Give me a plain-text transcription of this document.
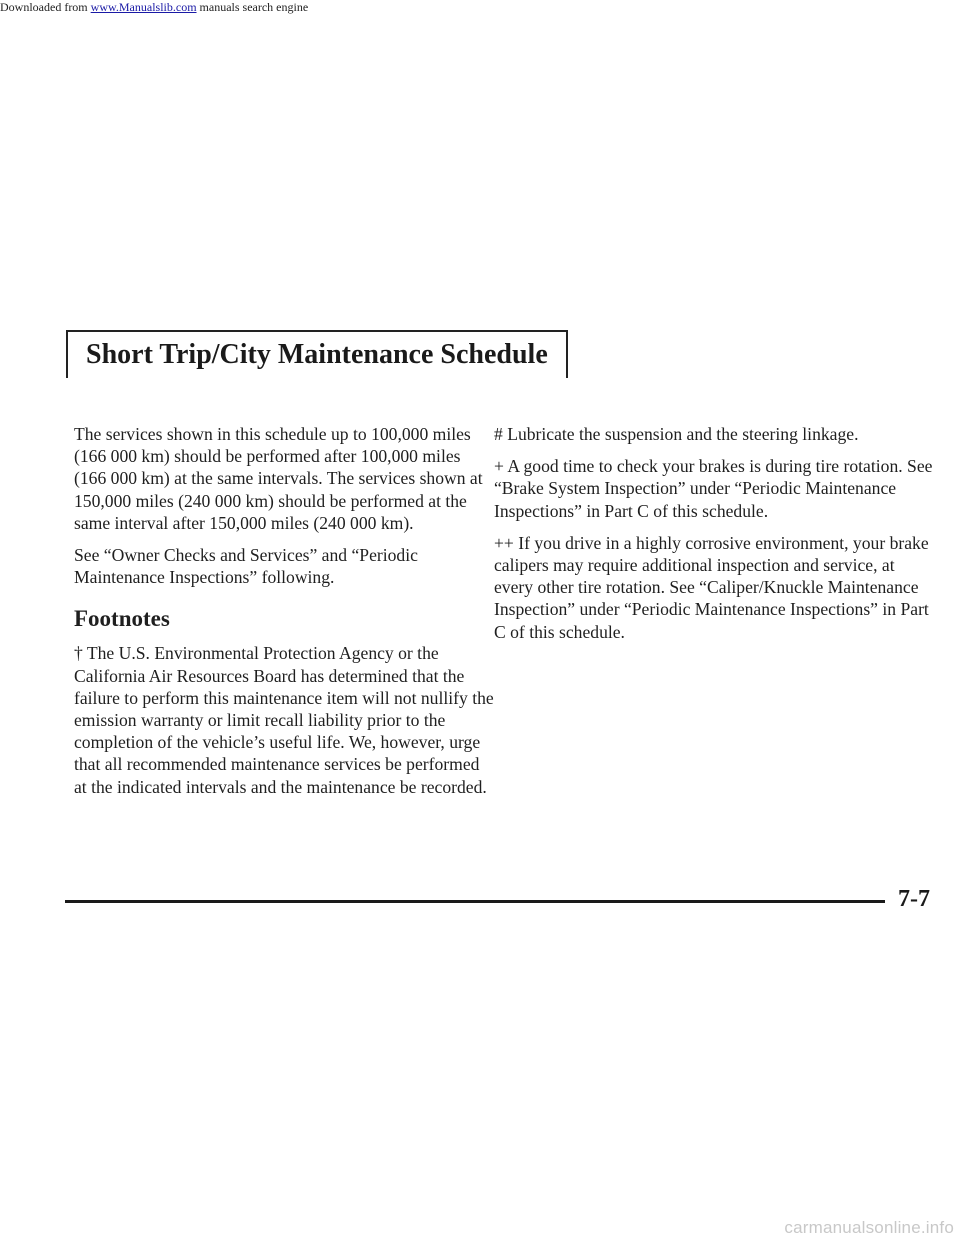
Downloaded from www.Manualslib.com manuals search engine
Short Trip/City Maintenance Schedule

The services shown in this schedule up to 100,000 miles (166 000 km) should be performed after 100,000 miles (166 000 km) at the same intervals. The services shown at 150,000 miles (240 000 km) should be performed at the same interval after 150,000 miles (240 000 km).

See “Owner Checks and Services” and “Periodic Maintenance Inspections” following.

Footnotes

† The U.S. Environmental Protection Agency or the California Air Resources Board has determined that the failure to perform this maintenance item will not nullify the emission warranty or limit recall liability prior to the completion of the vehicle’s useful life. We, however, urge that all recommended maintenance services be performed at the indicated intervals and the maintenance be recorded.

# Lubricate the suspension and the steering linkage.

+ A good time to check your brakes is during tire rotation. See “Brake System Inspection” under “Periodic Maintenance Inspections” in Part C of this schedule.

++ If you drive in a highly corrosive environment, your brake calipers may require additional inspection and service, at every other tire rotation. See “Caliper/Knuckle Maintenance Inspection” under “Periodic Maintenance Inspections” in Part C of this schedule.

7-7
carmanualsonline.info
